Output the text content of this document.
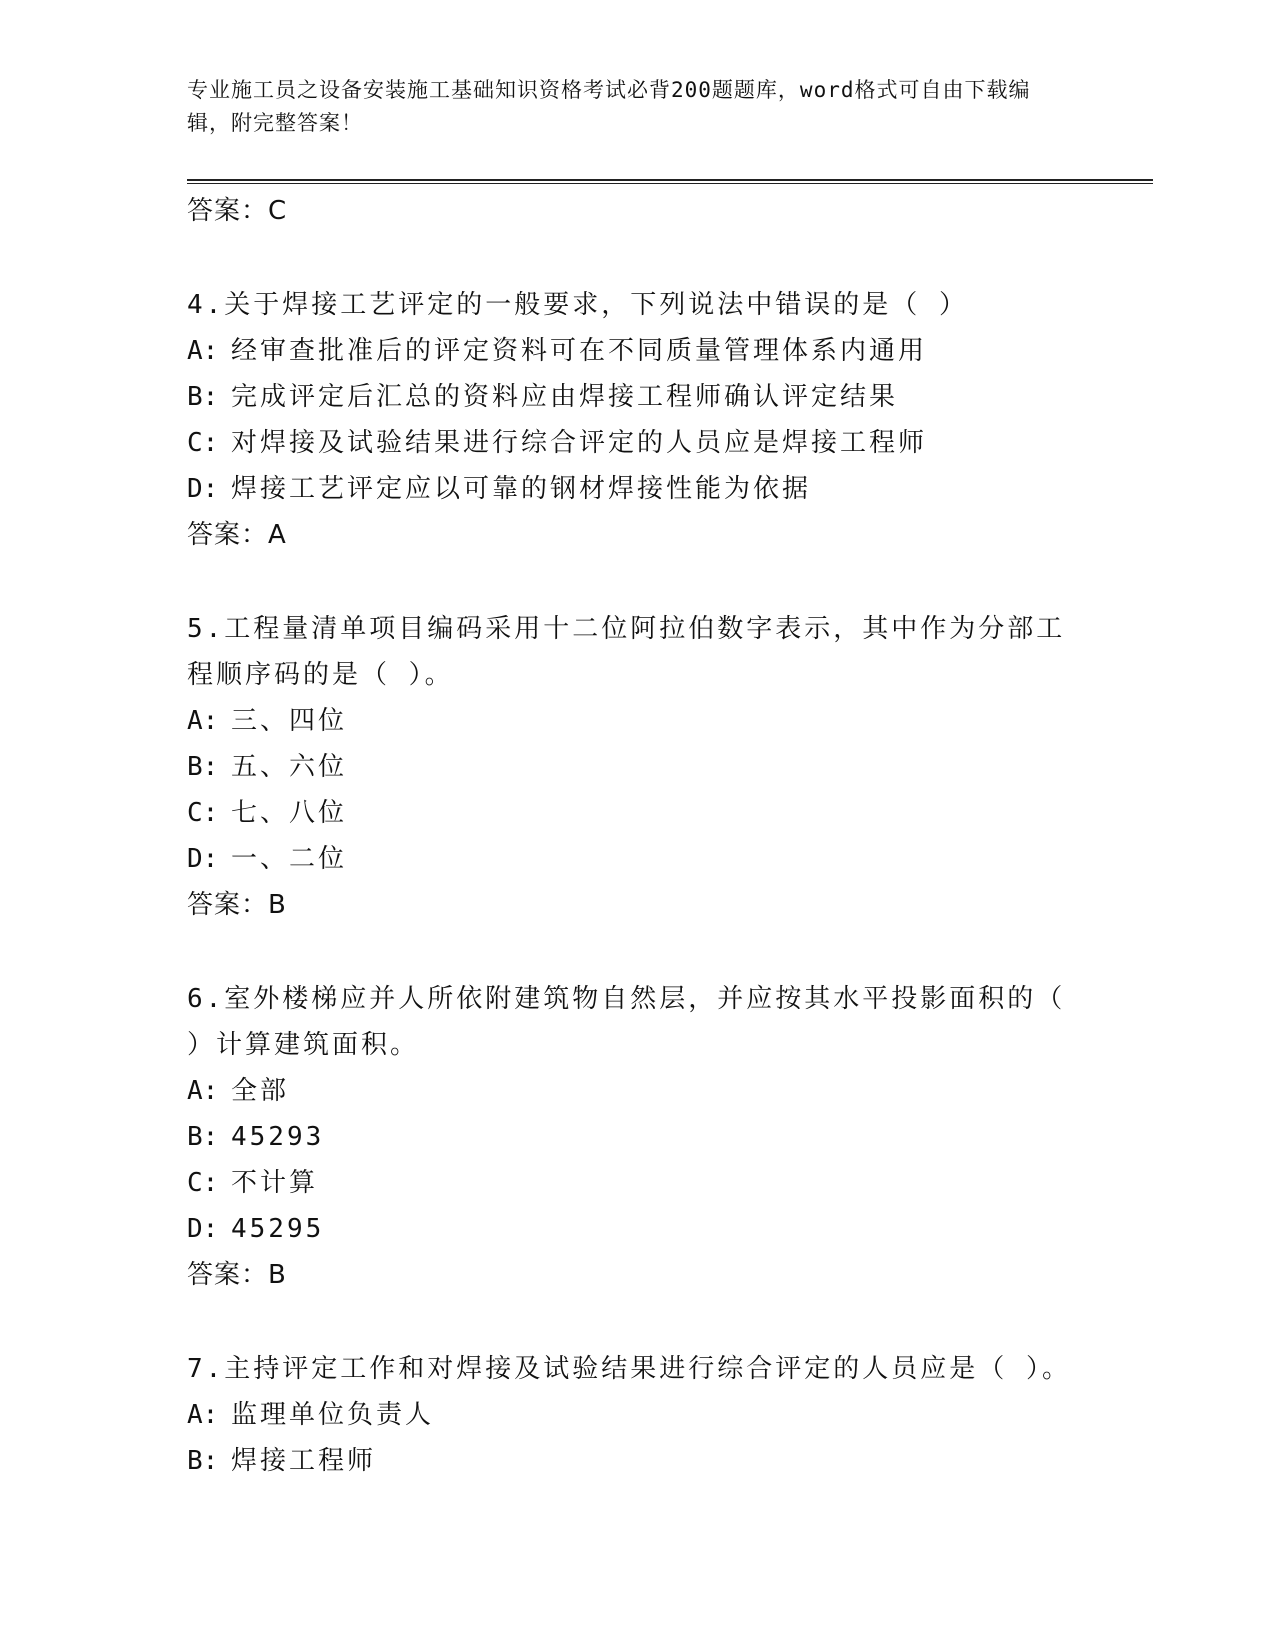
专业施工员之设备安装施工基础知识资格考试必背200题题库，word格式可自由下载编辑，附完整答案！
答案：C
4.关于焊接工艺评定的一般要求，下列说法中错误的是（ ）
A: 经审查批准后的评定资料可在不同质量管理体系内通用
B: 完成评定后汇总的资料应由焊接工程师确认评定结果
C: 对焊接及试验结果进行综合评定的人员应是焊接工程师
D: 焊接工艺评定应以可靠的钢材焊接性能为依据
答案：A
5.工程量清单项目编码采用十二位阿拉伯数字表示，其中作为分部工程顺序码的是（ ）。
A: 三、四位
B: 五、六位
C: 七、八位
D: 一、二位
答案：B
6.室外楼梯应并人所依附建筑物自然层，并应按其水平投影面积的（ ）计算建筑面积。
A: 全部
B: 45293
C: 不计算
D: 45295
答案：B
7.主持评定工作和对焊接及试验结果进行综合评定的人员应是（ ）。
A: 监理单位负责人
B: 焊接工程师
